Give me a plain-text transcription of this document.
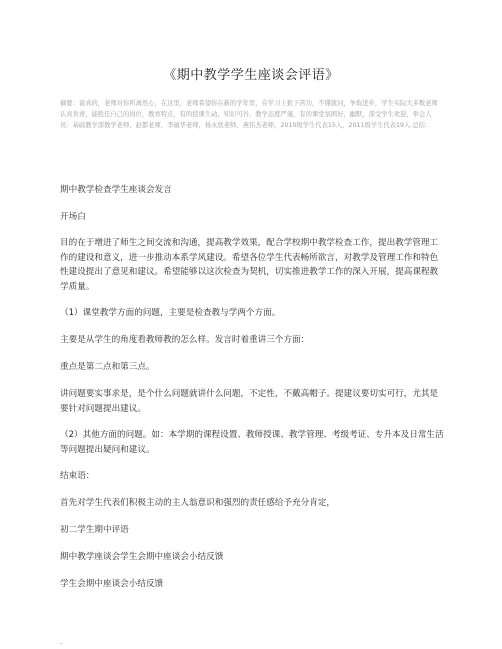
《期中教学学生座谈会评语》
摘要：说真的，老师对你所离然心，在这里，老师希望你在新的学年里，在学习上狠下苦功，不懂就问，争取进步，学生实际大多数老师认真负责，能胜任自己的岗位，教育特点，有的授课生动，知识可谷，教学态度严谨，有的课堂氛围好，幽默，深受学生欢迎，举会人员：基础教学部教学老师，赵都老师，李丽华老师，杨永欣老师，燕伟杰老师，2010级学生代表15人，2011级学生代表19人.总结：
期中教学检查学生座谈会发言
开场白
目的在于增进了师生之间交流和沟通，提高教学效果，配合学校期中教学检查工作，提出教学管理工作的建设和意义，进一步推动本系学风建设。希望各位学生代表畅所欲言，对教学及管理工作和特色性建设提出了意见和建议。希望能够以这次检查为契机，切实推进教学工作的深入开展，提高课程教学质量。
（1）课堂教学方面的问题，主要是检查教与学两个方面。
主要是从学生的角度看教师教的怎么样。发言时着重讲三个方面：
重点是第二点和第三点。
讲问题要实事求是，是个什么问题就讲什么问题，不定性，不戴高帽子。提建议要切实可行，尤其是要针对问题提出建议。
（2）其他方面的问题。如：本学期的课程设置、教师授课、教学管理、考级考证、专升本及日常生活等问题提出疑问和建议。
结束语：
首先对学生代表们积极主动的主人翁意识和强烈的责任感给予充分肯定，
初二学生期中评语
期中教学座谈会学生会期中座谈会小结反馈
学生会期中座谈会小结反馈
.
